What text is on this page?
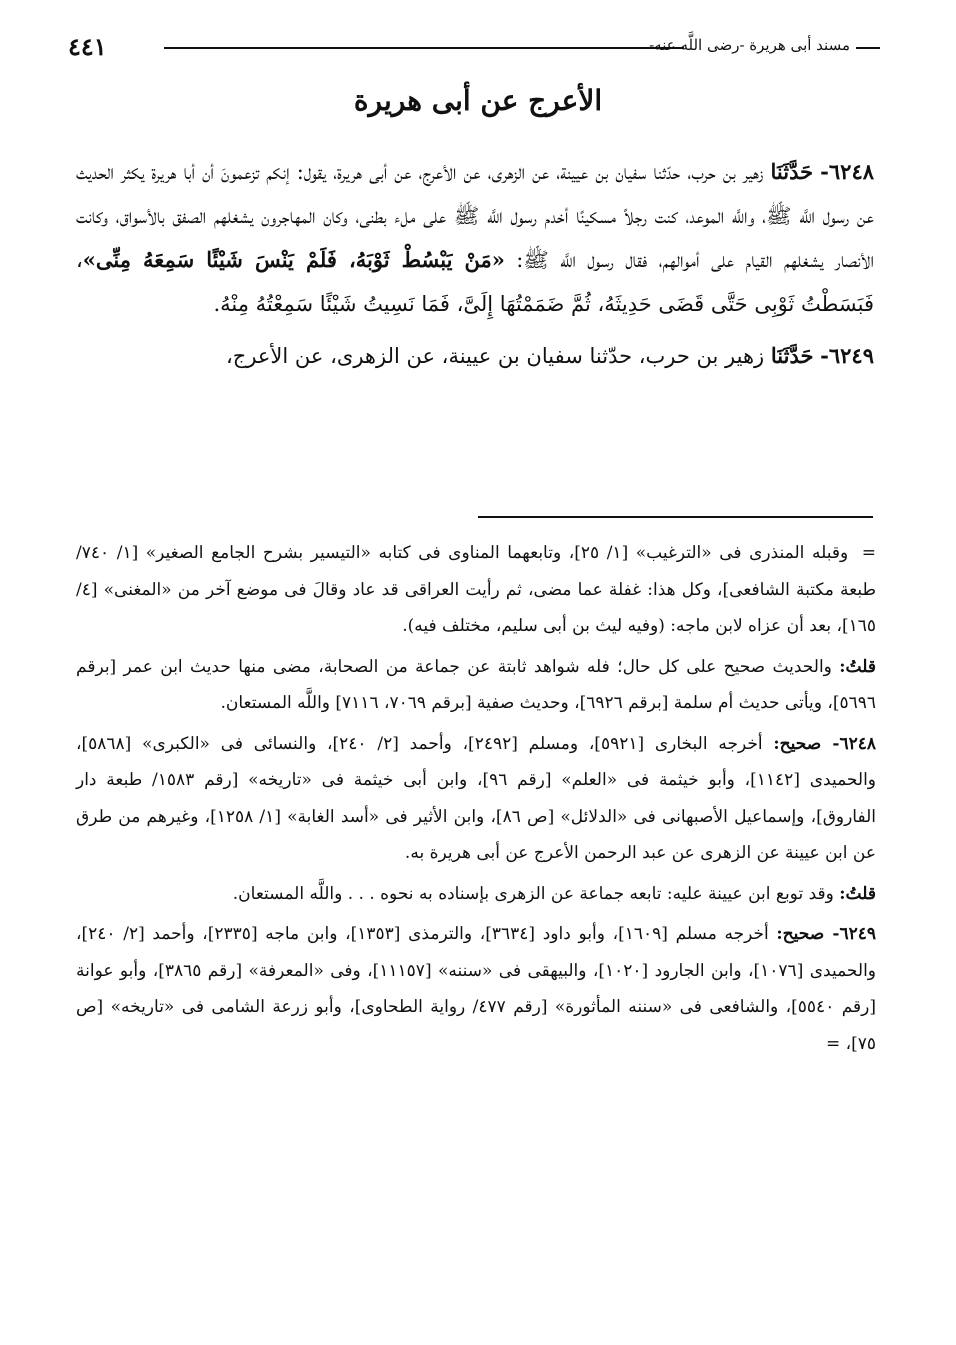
٤٤١	مسند أبى هريرة -رضى اللَّه عنه-
الأعرج عن أبى هريرة

٦٢٤٨- حَدَّثَنَا زهير بن حرب، حدّثنا سفيان بن عيينة، عن الزهرى، عن الأعرج، عن أبى هريرة، يقول: إنكم تزعمونَ أن أبا هريرة يكثر الحديث عن رسول اللَّه ﷺ، واللَّه الموعد، كنت رجلاً مسكينًا أخدم رسول اللَّه ﷺ على ملء بطنى، وكان المهاجرون يشغلهم الصفق بالأسواق، وكانت الأنصار يشغلهم القيام على أموالهم، فقال رسول اللَّه ﷺ: «مَنْ يَبْسُطْ ثَوْبَهُ، فَلَمْ يَنْسَ شَيْئًا سَمِعَهُ مِنِّى»، فَبَسَطْتُ ثَوْبِى حَتَّى قَضَى حَدِيثَهُ، ثُمَّ ضَمَمْتُهَا إِلَىَّ، فَمَا نَسِيتُ شَيْئًا سَمِعْتُهُ مِنْهُ.

٦٢٤٩- حَدَّثَنَا زهير بن حرب، حدّثنا سفيان بن عيينة، عن الزهرى، عن الأعرج،

= وقبله المنذرى فى «الترغيب» [١/ ٢٥]، وتابعهما المناوى فى كتابه «التيسير بشرح الجامع الصغير» [١/ ٧٤٠/ طبعة مكتبة الشافعى]، وكل هذا: غفلة عما مضى، ثم رأيت العراقى قد عاد وقالَ فى موضع آخر من «المغنى» [٤/ ١٦٥]، بعد أن عزاه لابن ماجه: (وفيه ليث بن أبى سليم، مختلف فيه).

قلتُ: والحديث صحيح على كل حال؛ فله شواهد ثابتة عن جماعة من الصحابة، مضى منها حديث ابن عمر [برقم ٥٦٩٦]، ويأتى حديث أم سلمة [برقم ٦٩٢٦]، وحديث صفية [برقم ٧٠٦٩، ٧١١٦] واللَّه المستعان.

٦٢٤٨- صحيح: أخرجه البخارى [٥٩٢١]، ومسلم [٢٤٩٢]، وأحمد [٢/ ٢٤٠]، والنسائى فى «الكبرى» [٥٨٦٨]، والحميدى [١١٤٢]، وأبو خيثمة فى «العلم» [رقم ٩٦]، وابن أبى خيثمة فى «تاريخه» [رقم ١٥٨٣/ طبعة دار الفاروق]، وإسماعيل الأصبهانى فى «الدلائل» [ص ٨٦]، وابن الأثير فى «أسد الغابة» [١/ ١٢٥٨]، وغيرهم من طرق عن ابن عيينة عن الزهرى عن عبد الرحمن الأعرج عن أبى هريرة به.

قلتُ: وقد توبع ابن عيينة عليه: تابعه جماعة عن الزهرى بإسناده به نحوه . . . واللَّه المستعان.

٦٢٤٩- صحيح: أخرجه مسلم [١٦٠٩]، وأبو داود [٣٦٣٤]، والترمذى [١٣٥٣]، وابن ماجه [٢٣٣٥]، وأحمد [٢/ ٢٤٠]، والحميدى [١٠٧٦]، وابن الجارود [١٠٢٠]، والبيهقى فى «سننه» [١١١٥٧]، وفى «المعرفة» [رقم ٣٨٦٥]، وأبو عوانة [رقم ٥٥٤٠]، والشافعى فى «سننه المأثورة» [رقم ٤٧٧/ رواية الطحاوى]، وأبو زرعة الشامى فى «تاريخه» [ص ٧٥]، =
